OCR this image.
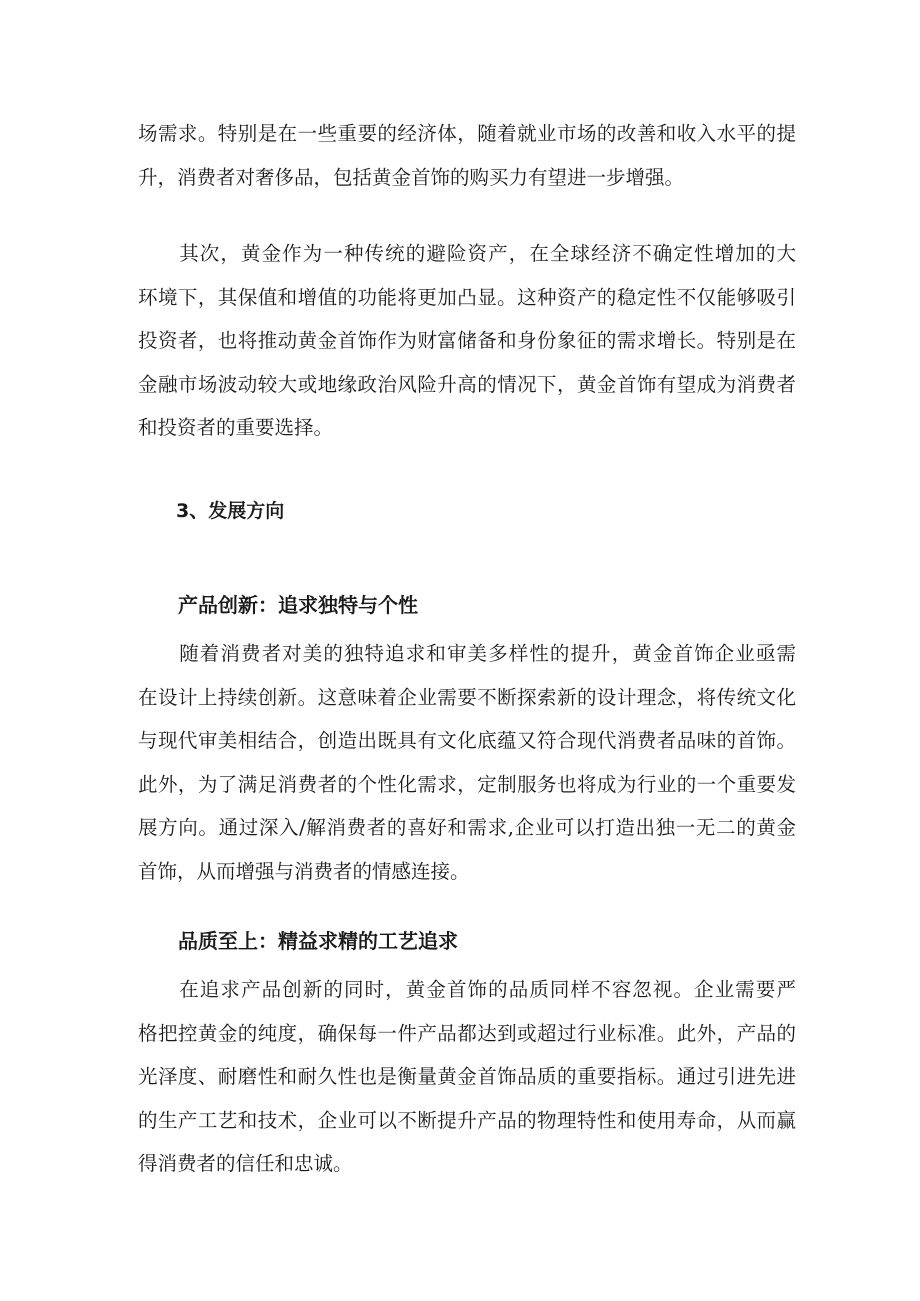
场需求。特别是在一些重要的经济体，随着就业市场的改善和收入水平的提
升，消费者对奢侈品，包括黄金首饰的购买力有望进一步增强。
　　其次，黄金作为一种传统的避险资产，在全球经济不确定性增加的大
环境下，其保值和增值的功能将更加凸显。这种资产的稳定性不仅能够吸引
投资者，也将推动黄金首饰作为财富储备和身份象征的需求增长。特别是在
金融市场波动较大或地缘政治风险升高的情况下，黄金首饰有望成为消费者
和投资者的重要选择。
　　3、发展方向
　　产品创新：追求独特与个性
　　随着消费者对美的独特追求和审美多样性的提升，黄金首饰企业亟需
在设计上持续创新。这意味着企业需要不断探索新的设计理念，将传统文化
与现代审美相结合，创造出既具有文化底蕴又符合现代消费者品味的首饰。
此外，为了满足消费者的个性化需求，定制服务也将成为行业的一个重要发
展方向。通过深入/解消费者的喜好和需求,企业可以打造出独一无二的黄金
首饰，从而增强与消费者的情感连接。
　　品质至上：精益求精的工艺追求
　　在追求产品创新的同时，黄金首饰的品质同样不容忽视。企业需要严
格把控黄金的纯度，确保每一件产品都达到或超过行业标准。此外，产品的
光泽度、耐磨性和耐久性也是衡量黄金首饰品质的重要指标。通过引进先进
的生产工艺和技术，企业可以不断提升产品的物理特性和使用寿命，从而赢
得消费者的信任和忠诚。
